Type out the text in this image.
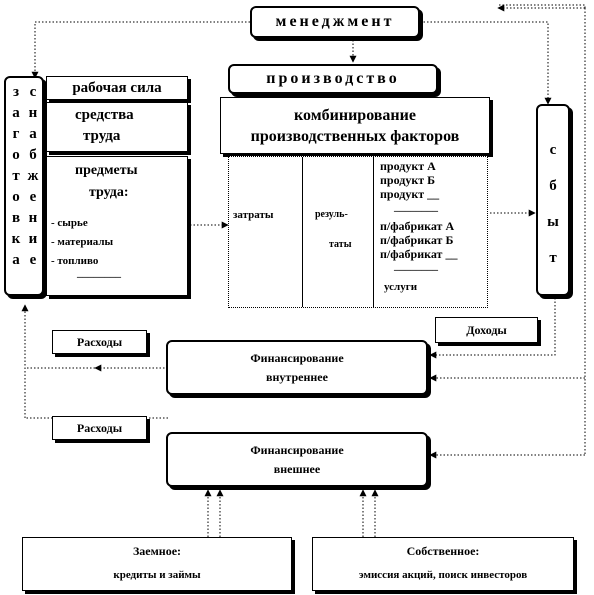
менеджмент
производство
з
а
г
о
т
о
в
к
а
с
н
а
б
ж
е
н
и
е
рабочая сила
средства
труда
предметы
труда:
- сырье
- материалы
- топливо
________
комбинирование
производственных факторов
затраты	резуль-
таты
продукт А
продукт Б
продукт __
________
п/фабрикат А
п/фабрикат Б
п/фабрикат __
________
услуги
с
б
ы
т
Доходы
Расходы
Расходы
Финансирование
внутреннее
Финансирование
внешнее
Заемное:
кредиты и займы
Собственное:
эмиссия акций, поиск инвесторов
